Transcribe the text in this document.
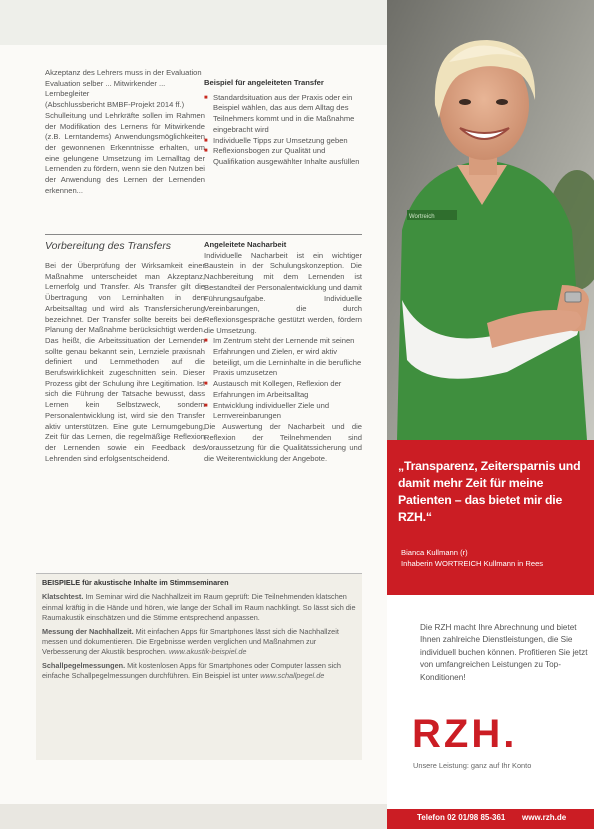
Akzeptanz des Lehrers muss in der Evaluation

Evaluation selber ... Mitwirkender ... Lernbegleiter

(Abschlussbericht BMBF-Projekt 2014 ff.)

Schulleitung und Lehrkräfte sollen im Rahmen der Modifikation des Lernens für Mitwirkende (z.B. Lerntandems) Anwendungsmöglichkeiten der gewonnenen Erkenntnisse erhalten, um eine gelungene Umsetzung im Lernalltag der Lernenden zu fördern, wenn sie den Nutzen bei der Anwendung des Lernen der Lernenden erkennen...

Beispiel für angeleiteten Transfer

■ Standardsituation aus der Praxis oder ein Beispiel wählen, das aus dem Alltag des Teilnehmers kommt und in die Maßnahme eingebracht wird

■ Individuelle Tipps zur Umsetzung geben

■ Reflexionsbogen zur Qualität und Qualifikation ausgewählter Inhalte ausfüllen

Vorbereitung des Transfers
Bei der Überprüfung der Wirksamkeit einer Maßnahme unterscheidet man Akzeptanz, Lernerfolg und Transfer. Als Transfer gilt die Übertragung von Lerninhalten in den Arbeitsalltag und wird als Transfersicherung bezeichnet. Der Transfer sollte bereits bei der Planung der Maßnahme berücksichtigt werden. Das heißt, die Arbeitssituation der Lernenden sollte genau bekannt sein, Lernziele praxisnah definiert und Lernmethoden auf die Berufswirklichkeit zugeschnitten sein. Dieser Prozess gibt der Schulung ihre Legitimation. Ist sich die Führung der Tatsache bewusst, dass Lernen kein Selbstzweck, sondern Personalentwicklung ist, wird sie den Transfer aktiv unterstützen. Eine gute Lernumgebung, Zeit für das Lernen, die regelmäßige Reflexion der Lernenden sowie ein Feedback des Lehrenden sind erfolgsentscheidend.

Angeleitete Nacharbeit

Individuelle Nacharbeit ist ein wichtiger Baustein in der Schulungskonzeption. Die Nachbereitung mit dem Lernenden ist Bestandteil der Personalentwicklung und damit Führungsaufgabe. Individuelle Vereinbarungen, die durch Reflexionsgespräche gestützt werden, fördern die Umsetzung.

■ Im Zentrum steht der Lernende mit seinen Erfahrungen und Zielen, er wird aktiv beteiligt, um die Lerninhalte in die berufliche Praxis umzusetzen

■ Austausch mit Kollegen, Reflexion der Erfahrungen im Arbeitsalltag

■ Entwicklung individueller Ziele und Lernvereinbarungen

Die Auswertung der Nacharbeit und die Reflexion der Teilnehmenden sind Voraussetzung für die Qualitätssicherung und die Weiterentwicklung der Angebote.

BEISPIELE für akustische Inhalte im Stimmseminaren

Klatschtest. Im Seminar wird die Nachhallzeit im Raum geprüft: Die Teilnehmenden klatschen einmal kräftig in die Hände und hören, wie lange der Schall im Raum nachklingt. So lässt sich die Raumakustik einschätzen und die Stimme entsprechend anpassen.

Messung der Nachhallzeit. Mit einfachen Apps für Smartphones lässt sich die Nachhallzeit messen und dokumentieren. Die Ergebnisse werden verglichen und Maßnahmen zur Verbesserung der Akustik besprochen. www.akustik-beispiel.de

Schallpegelmessungen. Mit kostenlosen Apps für Smartphones oder Computer lassen sich einfache Schallpegelmessungen durchführen. Ein Beispiel ist unter www.schallpegel.de

Wortreich
„Transparenz, Zeitersparnis und damit mehr Zeit für meine Patienten – das bietet mir die RZH.“
Bianca Kullmann (r)
Inhaberin WORTREICH Kullmann in Rees
Die RZH macht Ihre Abrechnung und bietet Ihnen zahlreiche Dienstleistungen, die Sie individuell buchen können. Profitieren Sie jetzt von umfangreichen Leistungen zu Top-Konditionen!
RZH.
Unsere Leistung: ganz auf Ihr Konto
Telefon 02 01/98 85-361 www.rzh.de
